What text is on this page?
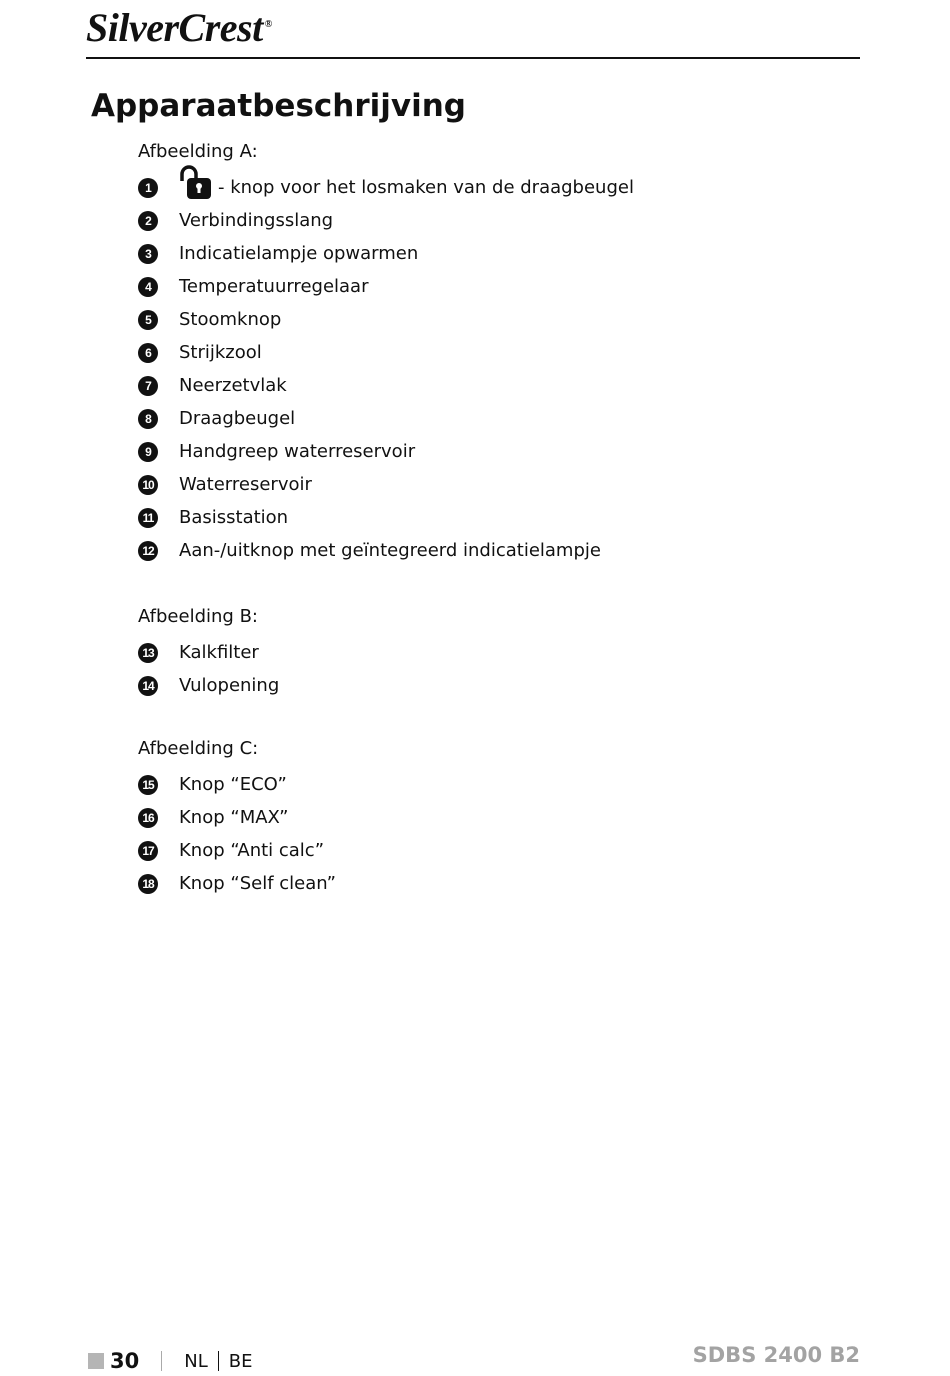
SilverCrest ®
Apparaatbeschrijving
Afbeelding A:
1	- knop voor het losmaken van de draagbeugel
2	Verbindingsslang
3	Indicatielampje opwarmen
4	Temperatuurregelaar
5	Stoomknop
6	Strijkzool
7	Neerzetvlak
8	Draagbeugel
9	Handgreep waterreservoir
10 Waterreservoir
11 Basisstation
12 Aan-/uitknop met geïntegreerd indicatielampje
Afbeelding B:
13 Kalkfilter
14 Vulopening
Afbeelding C:
15 Knop “ECO”
16 Knop “MAX”
17 Knop “Anti calc”
18 Knop “Self clean”
30	NL BE	SDBS 2400 B2
